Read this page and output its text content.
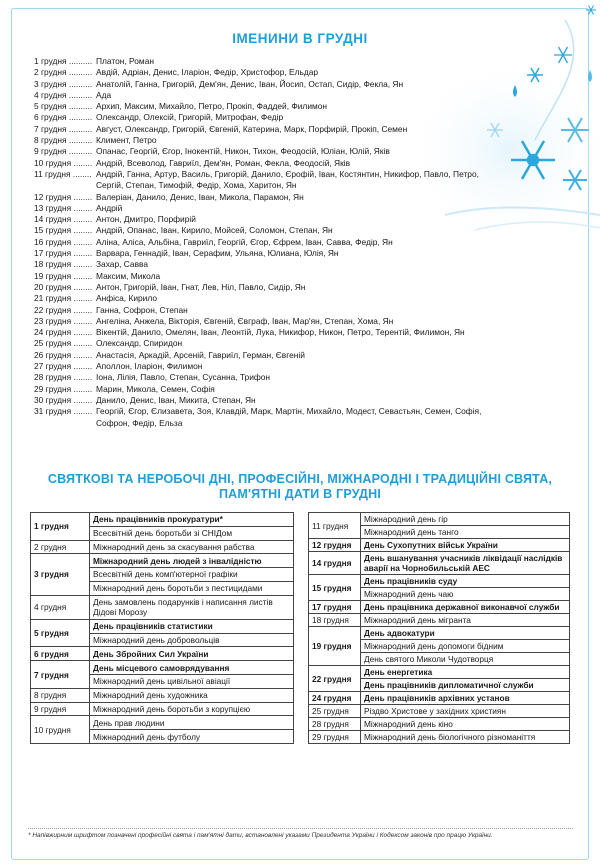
ІМЕНИНИ В ГРУДНІ
1 грудня .......... Платон, Роман
2 грудня .......... Авдій, Адріан, Денис, Іларіон, Федір, Христофор, Ельдар
3 грудня .......... Анатолій, Ганна, Григорій, Дем'ян, Денис, Іван, Йосип, Остап, Сидір, Фекла, Ян
4 грудня .......... Ада
5 грудня .......... Архип, Максим, Михайло, Петро, Прокіп, Фаддей, Филимон
6 грудня .......... Олександр, Олексій, Григорій, Митрофан, Федір
7 грудня .......... Август, Олександр, Григорій, Євгеній, Катерина, Марк, Порфирій, Прокіп, Семен
8 грудня .......... Климент, Петро
9 грудня .......... Опанас, Георгій, Єгор, Інокентій, Никон, Тихон, Феодосій, Юліан, Юлій, Яків
10 грудня ........ Андрій, Всеволод, Гавриїл, Дем'ян, Роман, Фекла, Феодосій, Яків
11 грудня ........ Андрій, Ганна, Артур, Василь, Григорій, Данило, Єрофій, Іван, Костянтин, Никифор, Павло, Петро, Сергій, Степан, Тимофій, Федір, Хома, Харитон, Ян
12 грудня ........ Валеріан, Данило, Денис, Іван, Микола, Парамон, Ян
13 грудня ........ Андрій
14 грудня ........ Антон, Дмитро, Порфирій
15 грудня ........ Андрій, Опанас, Іван, Кирило, Мойсей, Соломон, Степан, Ян
16 грудня ........ Аліна, Аліса, Альбіна, Гавриїл, Георгій, Єгор, Єфрем, Іван, Савва, Федір, Ян
17 грудня ........ Варвара, Геннадій, Іван, Серафим, Ульяна, Юлиана, Юлія, Ян
18 грудня ........ Захар, Савва
19 грудня ........ Максим, Микола
20 грудня ........ Антон, Григорій, Іван, Гнат, Лев, Ніл, Павло, Сидір, Ян
21 грудня ........ Анфіса, Кирило
22 грудня ........ Ганна, Софрон, Степан
23 грудня ........ Ангеліна, Анжела, Вікторія, Євгеній, Євграф, Іван, Мар'ян, Степан, Хома, Ян
24 грудня ........ Вікентій, Данило, Омелян, Іван, Леонтій, Лука, Никифор, Никон, Петро, Терентій, Филимон, Ян
25 грудня ........ Олександр, Спиридон
26 грудня ........ Анастасія, Аркадій, Арсеній, Гавриїл, Герман, Євгеній
27 грудня ........ Аполлон, Іларіон, Филимон
28 грудня ........ Іона, Лілія, Павло, Степан, Сусанна, Трифон
29 грудня ........ Марин, Микола, Семен, Софія
30 грудня ........ Данило, Денис, Іван, Микита, Степан, Ян
31 грудня ........ Георгій, Єгор, Єлизавета, Зоя, Клавдій, Марк, Мартін, Михайло, Модест, Севастьян, Семен, Софія, Софрон, Федір, Ельза
СВЯТКОВІ ТА НЕРОБОЧІ ДНІ, ПРОФЕСІЙНІ, МІЖНАРОДНІ І ТРАДИЦІЙНІ СВЯТА,
ПАМ'ЯТНІ ДАТИ В ГРУДНІ
1 грудня	День працівників прокуратури*
	Всесвітній день боротьби зі СНІДом
2 грудня	Міжнародний день за скасування рабства
3 грудня	Міжнародний день людей з інвалідністю
	Всесвітній день комп'ютерної графіки
	Міжнародний день боротьби з пестицидами
4 грудня	День замовлень подарунків і написання листів Дідові Морозу
5 грудня	День працівників статистики
	Міжнародний день добровольців
6 грудня	День Збройних Сил України
7 грудня	День місцевого самоврядування
	Міжнародний день цивільної авіації
8 грудня	Міжнародний день художника
9 грудня	Міжнародний день боротьби з корупцією
10 грудня	День прав людини
	Міжнародний день футболу
11 грудня	Міжнародний день гір
	Міжнародний день танго
12 грудня	День Сухопутних військ України
14 грудня	День вшанування учасників ліквідації наслідків аварії на Чорнобильській АЕС
15 грудня	День працівників суду
	Міжнародний день чаю
17 грудня	День працівника державної виконавчої служби
18 грудня	Міжнародний день мігранта
19 грудня	День адвокатури
	Міжнародний день допомоги бідним
	День святого Миколи Чудотворця
22 грудня	День енергетика
	День працівників дипломатичної служби
24 грудня	День працівників архівних установ
25 грудня	Різдво Христове у західних християн
28 грудня	Міжнародний день кіно
29 грудня	Міжнародний день біологічного різноманіття
* Напівжирним шрифтом позначені професійні свята і пам'ятні дати, встановлені указами Президента України і Кодексом законів про працю України.
